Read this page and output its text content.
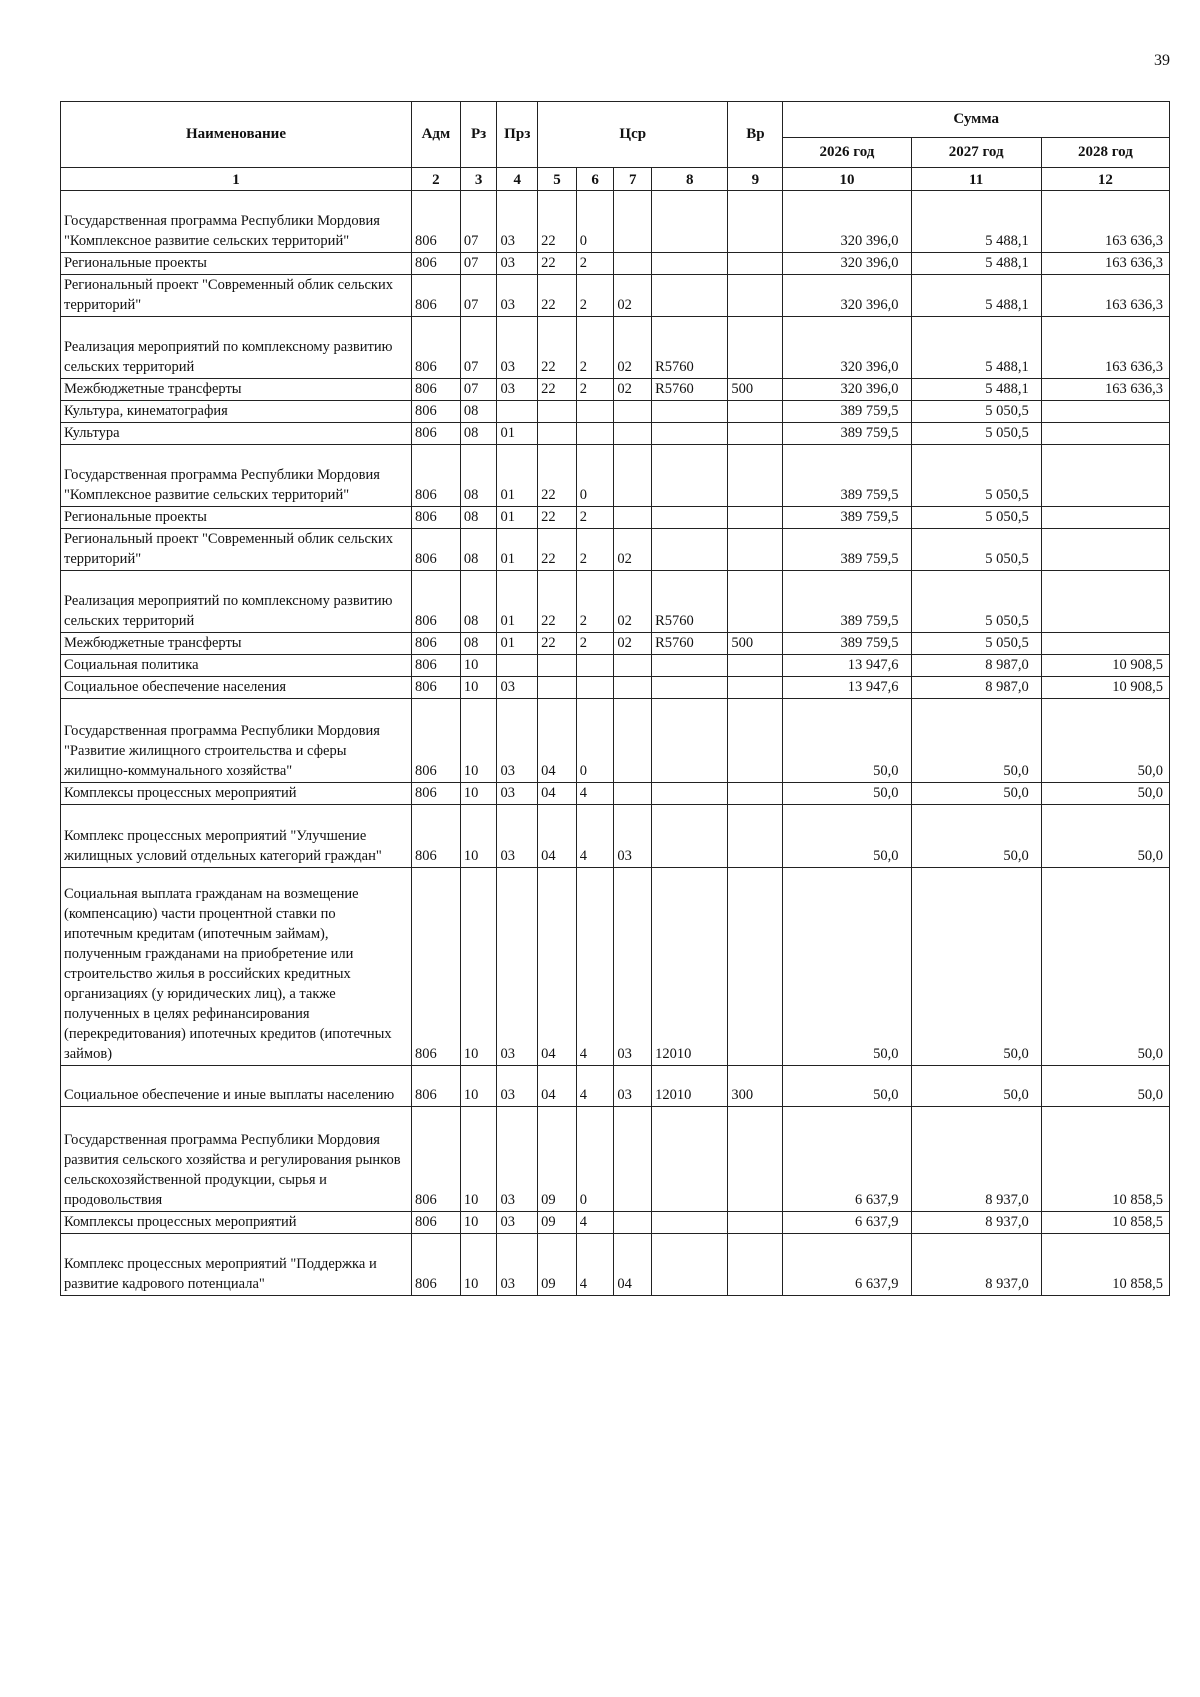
39
Наименование	Адм	Рз	Прз	Цср				Вр	Сумма		
									2026 год	2027 год	2028 год
1	2	3	4	5	6	7	8	9	10	11	12
Государственная программа Республики Мордовия "Комплексное развитие сельских территорий"	806	07	03	22	0				320 396,0	5 488,1	163 636,3
Региональные проекты	806	07	03	22	2				320 396,0	5 488,1	163 636,3
Региональный проект "Современный облик сельских территорий"	806	07	03	22	2	02			320 396,0	5 488,1	163 636,3
Реализация мероприятий по комплексному развитию сельских территорий	806	07	03	22	2	02	R5760		320 396,0	5 488,1	163 636,3
Межбюджетные трансферты	806	07	03	22	2	02	R5760	500	320 396,0	5 488,1	163 636,3
Культура, кинематография	806	08							389 759,5	5 050,5	
Культура	806	08	01						389 759,5	5 050,5	
Государственная программа Республики Мордовия "Комплексное развитие сельских территорий"	806	08	01	22	0				389 759,5	5 050,5	
Региональные проекты	806	08	01	22	2				389 759,5	5 050,5	
Региональный проект "Современный облик сельских территорий"	806	08	01	22	2	02			389 759,5	5 050,5	
Реализация мероприятий по комплексному развитию сельских территорий	806	08	01	22	2	02	R5760		389 759,5	5 050,5	
Межбюджетные трансферты	806	08	01	22	2	02	R5760	500	389 759,5	5 050,5	
Социальная политика	806	10							13 947,6	8 987,0	10 908,5
Социальное обеспечение населения	806	10	03						13 947,6	8 987,0	10 908,5
Государственная программа Республики Мордовия "Развитие жилищного строительства и сферы жилищно-коммунального хозяйства"	806	10	03	04	0				50,0	50,0	50,0
Комплексы процессных мероприятий	806	10	03	04	4				50,0	50,0	50,0
Комплекс процессных мероприятий "Улучшение жилищных условий отдельных категорий граждан"	806	10	03	04	4	03			50,0	50,0	50,0
Социальная выплата гражданам на возмещение (компенсацию) части процентной ставки по ипотечным кредитам (ипотечным займам), полученным гражданами на приобретение или строительство жилья в российских кредитных организациях (у юридических лиц), а также полученных в целях рефинансирования (перекредитования) ипотечных кредитов (ипотечных займов)	806	10	03	04	4	03	12010		50,0	50,0	50,0
Социальное обеспечение и иные выплаты населению	806	10	03	04	4	03	12010	300	50,0	50,0	50,0
Государственная программа Республики Мордовия развития сельского хозяйства и регулирования рынков сельскохозяйственной продукции, сырья и продовольствия	806	10	03	09	0				6 637,9	8 937,0	10 858,5
Комплексы процессных мероприятий	806	10	03	09	4				6 637,9	8 937,0	10 858,5
Комплекс процессных мероприятий "Поддержка и развитие кадрового потенциала"	806	10	03	09	4	04			6 637,9	8 937,0	10 858,5
